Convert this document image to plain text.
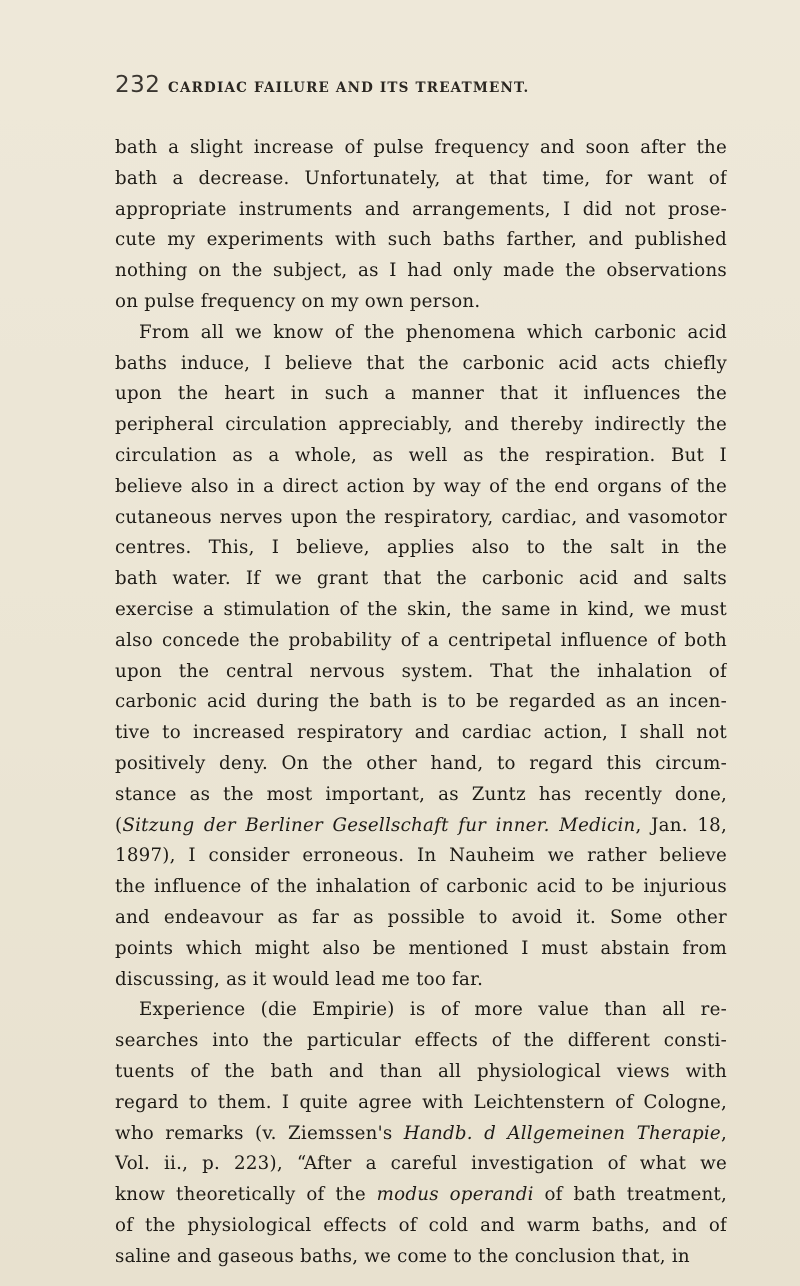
232 CARDIAC FAILURE AND ITS TREATMENT.
bath a slight increase of pulse frequency and soon after the
bath a decrease. Unfortunately, at that time, for want of
appropriate instruments and arrangements, I did not prose-
cute my experiments with such baths farther, and published
nothing on the subject, as I had only made the observations
on pulse frequency on my own person.
From all we know of the phenomena which carbonic acid
baths induce, I believe that the carbonic acid acts chiefly
upon the heart in such a manner that it influences the
peripheral circulation appreciably, and thereby indirectly the
circulation as a whole, as well as the respiration. But I
believe also in a direct action by way of the end organs of the
cutaneous nerves upon the respiratory, cardiac, and vasomotor
centres. This, I believe, applies also to the salt in the
bath water. If we grant that the carbonic acid and salts
exercise a stimulation of the skin, the same in kind, we must
also concede the probability of a centripetal influence of both
upon the central nervous system. That the inhalation of
carbonic acid during the bath is to be regarded as an incen-
tive to increased respiratory and cardiac action, I shall not
positively deny. On the other hand, to regard this circum-
stance as the most important, as Zuntz has recently done,
(Sitzung der Berliner Gesellschaft fur inner. Medicin, Jan. 18,
1897), I consider erroneous. In Nauheim we rather believe
the influence of the inhalation of carbonic acid to be injurious
and endeavour as far as possible to avoid it. Some other
points which might also be mentioned I must abstain from
discussing, as it would lead me too far.
Experience (die Empirie) is of more value than all re-
searches into the particular effects of the different consti-
tuents of the bath and than all physiological views with
regard to them. I quite agree with Leichtenstern of Cologne,
who remarks (v. Ziemssen's Handb. d Allgemeinen Therapie,
Vol. ii., p. 223), “After a careful investigation of what we
know theoretically of the modus operandi of bath treatment,
of the physiological effects of cold and warm baths, and of
saline and gaseous baths, we come to the conclusion that, in
